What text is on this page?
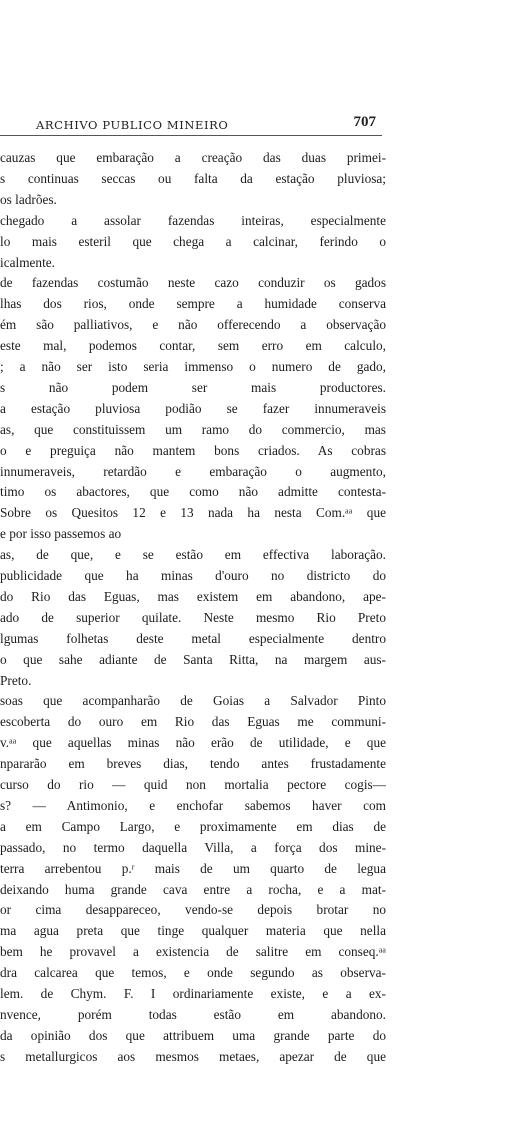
ARCHIVO PUBLICO MINEIRO	707
cauzas que embaração a creação das duas primei-
s continuas seccas ou falta da estação pluviosa;
os ladrões.
chegado a assolar fazendas inteiras, especialmente
lo mais esteril que chega a calcinar, ferindo o
icalmente.
de fazendas costumão neste cazo conduzir os gados
lhas dos rios, onde sempre a humidade conserva
ém são palliativos, e não offerecendo a observação
este mal, podemos contar, sem erro em calculo,
; a não ser isto seria immenso o numero de gado,
s não podem ser mais productores.
a estação pluviosa podião se fazer innumeraveis
as, que constituissem um ramo do commercio, mas
o e preguiça não mantem bons criados. As cobras
innumeraveis, retardão e embaração o augmento,
timo os abactores, que como não admitte contesta-
Sobre os Quesitos 12 e 13 nada ha nesta Com.ᵃᵃ que
e por isso passemos ao
as, de que, e se estão em effectiva laboração.
publicidade que ha minas d'ouro no districto do
do Rio das Eguas, mas existem em abandono, ape-
ado de superior quilate. Neste mesmo Rio Preto
lgumas folhetas deste metal especialmente dentro
o que sahe adiante de Santa Ritta, na margem aus-
Preto.
soas que acompanharão de Goias a Salvador Pinto
escoberta do ouro em Rio das Eguas me communi-
v.ᵃᵃ que aquellas minas não erão de utilidade, e que
npararão em breves dias, tendo antes frustadamente
curso do rio — quid non mortalia pectore cogis—
s? — Antimonio, e enchofar sabemos haver com
a em Campo Largo, e proximamente em dias de
passado, no termo daquella Villa, a força dos mine-
terra arrebentou p.ʳ mais de um quarto de legua
deixando huma grande cava entre a rocha, e a mat-
or cima desappareceo, vendo-se depois brotar no
ma agua preta que tinge qualquer materia que nella
bem he provavel a existencia de salitre em conseq.ᵃᵃ
dra calcarea que temos, e onde segundo as observa-
lem. de Chym. F. I ordinariamente existe, e a ex-
nvence, porém todas estão em abandono.
da opinião dos que attribuem uma grande parte do
s metallurgicos aos mesmos metaes, apezar de que
